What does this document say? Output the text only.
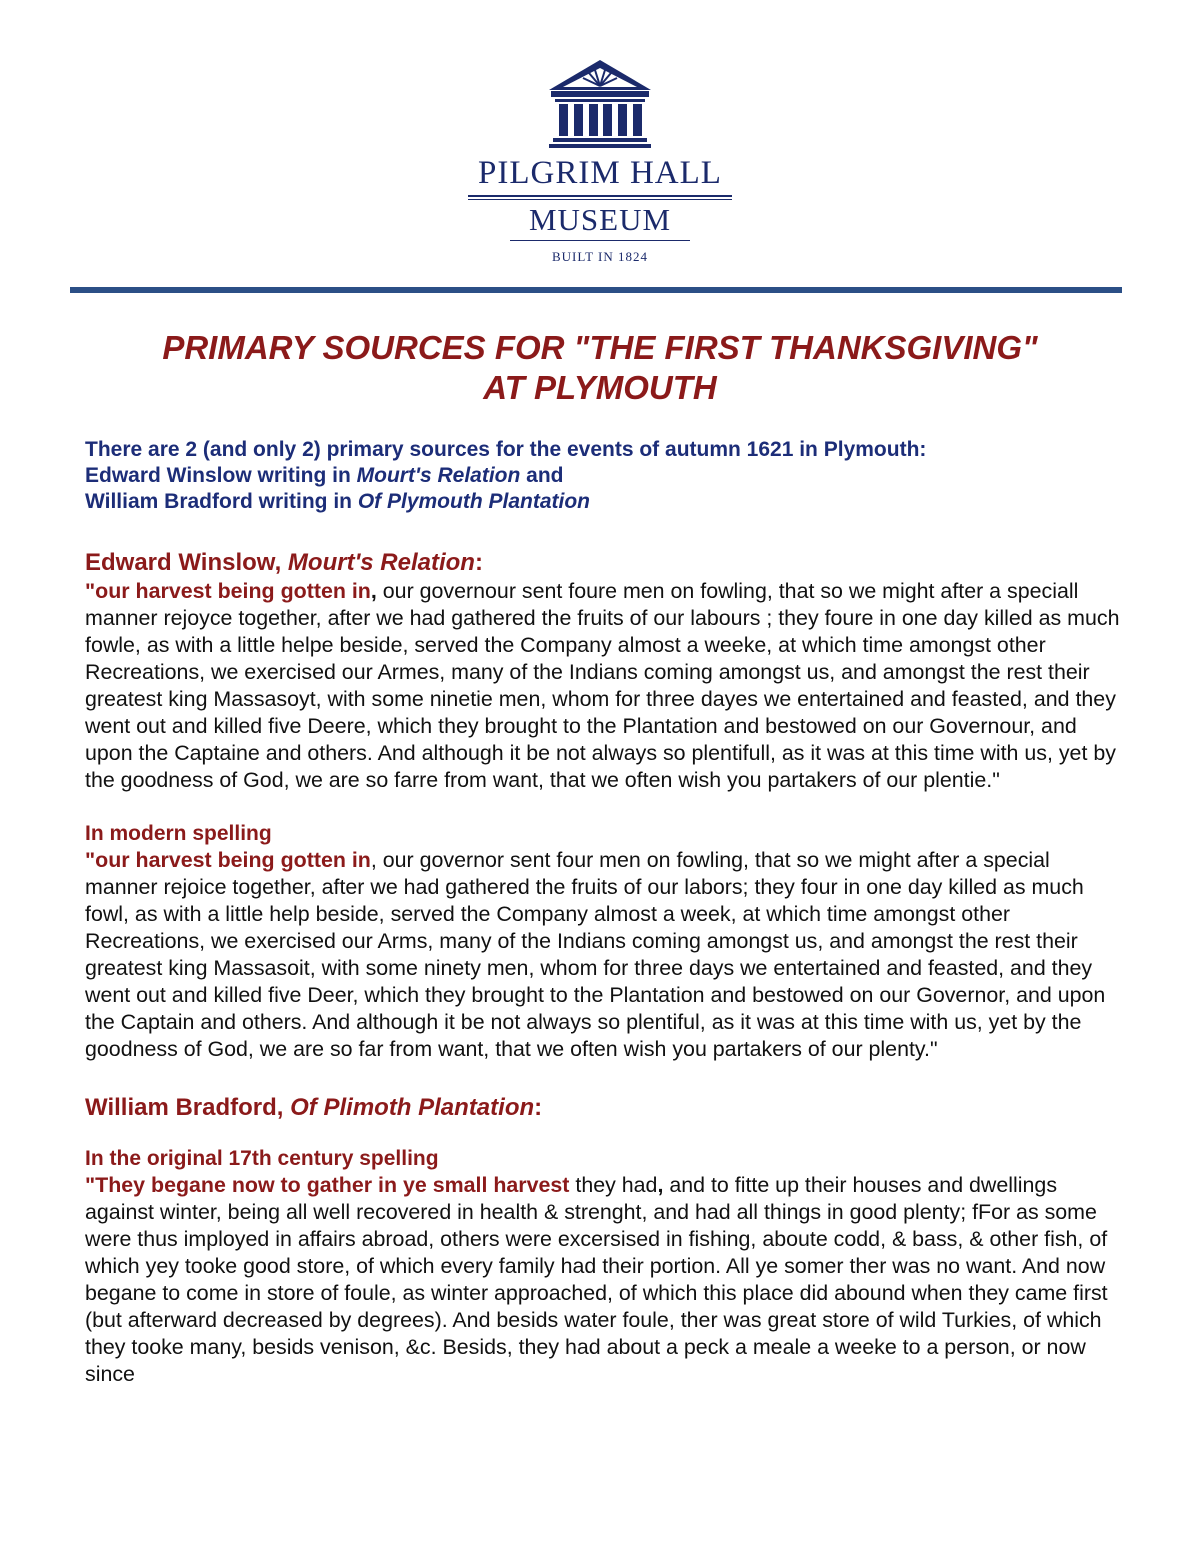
PILGRIM HALL
MUSEUM
BUILT IN 1824
PRIMARY SOURCES FOR "THE FIRST THANKSGIVING"
AT PLYMOUTH
There are 2 (and only 2) primary sources for the events of autumn 1621 in Plymouth:
Edward Winslow writing in Mourt's Relation and
William Bradford writing in Of Plymouth Plantation
Edward Winslow, Mourt's Relation:

"our harvest being gotten in, our governour sent foure men on fowling, that so we might after a speciall manner rejoyce together, after we had gathered the fruits of our labours ; they foure in one day killed as much fowle, as with a little helpe beside, served the Company almost a weeke, at which time amongst other Recreations, we exercised our Armes, many of the Indians coming amongst us, and amongst the rest their greatest king Massasoyt, with some ninetie men, whom for three dayes we entertained and feasted, and they went out and killed five Deere, which they brought to the Plantation and bestowed on our Governour, and upon the Captaine and others. And although it be not always so plentifull, as it was at this time with us, yet by the goodness of God, we are so farre from want, that we often wish you partakers of our plentie."

In modern spelling

"our harvest being gotten in, our governor sent four men on fowling, that so we might after a special manner rejoice together, after we had gathered the fruits of our labors; they four in one day killed as much fowl, as with a little help beside, served the Company almost a week, at which time amongst other Recreations, we exercised our Arms, many of the Indians coming amongst us, and amongst the rest their greatest king Massasoit, with some ninety men, whom for three days we entertained and feasted, and they went out and killed five Deer, which they brought to the Plantation and bestowed on our Governor, and upon the Captain and others. And although it be not always so plentiful, as it was at this time with us, yet by the goodness of God, we are so far from want, that we often wish you partakers of our plenty."

William Bradford, Of Plimoth Plantation:
In the original 17th century spelling

"They begane now to gather in ye small harvest they had, and to fitte up their houses and dwellings against winter, being all well recovered in health & strenght, and had all things in good plenty; fFor as some were thus imployed in affairs abroad, others were excersised in fishing, aboute codd, & bass, & other fish, of which yey tooke good store, of which every family had their portion. All ye somer ther was no want. And now begane to come in store of foule, as winter approached, of which this place did abound when they came first (but afterward decreased by degrees). And besids water foule, ther was great store of wild Turkies, of which they tooke many, besids venison, &c. Besids, they had about a peck a meale a weeke to a person, or now since
